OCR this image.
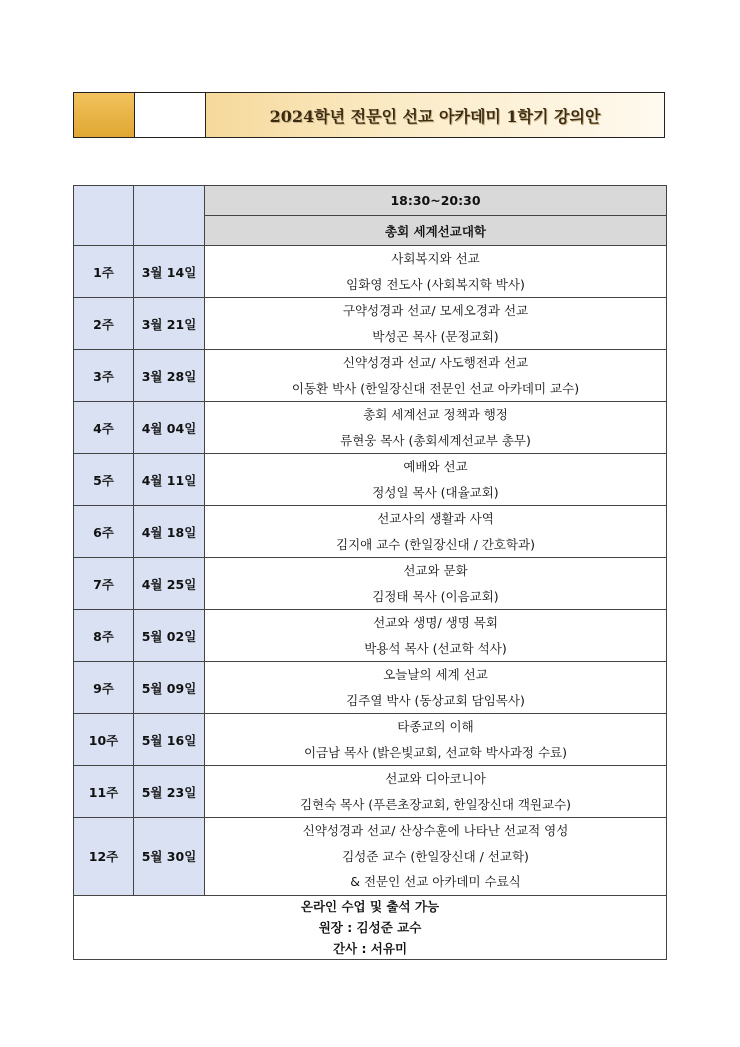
2024학년 전문인 선교 아카데미 1학기 강의안
		18:30~20:30
		총회 세계선교대학
1주	3월 14일	사회복지와 선교
임화영 전도사 (사회복지학 박사)

2주	3월 21일	구약성경과 선교/ 모세오경과 선교
박성곤 목사 (문정교회)

3주	3월 28일	신약성경과 선교/ 사도행전과 선교
이동환 박사 (한일장신대 전문인 선교 아카데미 교수)

4주	4월 04일	총회 세계선교 정책과 행정
류현웅 목사 (총회세계선교부 총무)

5주	4월 11일	예배와 선교
정성일 목사 (대율교회)

6주	4월 18일	선교사의 생활과 사역
김지애 교수 (한일장신대 / 간호학과)

7주	4월 25일	선교와 문화
김정태 목사 (이음교회)

8주	5월 02일	선교와 생명/ 생명 목회
박용석 목사 (선교학 석사)

9주	5월 09일	오늘날의 세계 선교
김주열 박사 (동상교회 담임목사)

10주	5월 16일	타종교의 이해
이금남 목사 (밝은빛교회, 선교학 박사과정 수료)

11주	5월 23일	선교와 디아코니아
김현숙 목사 (푸른초장교회, 한일장신대 객원교수)

12주	5월 30일	신약성경과 선교/ 산상수훈에 나타난 선교적 영성
김성준 교수 (한일장신대 / 선교학)
& 전문인 선교 아카데미 수료식

온라인 수업 및 출석 가능
원장 : 김성준 교수
간사 : 서유미		
